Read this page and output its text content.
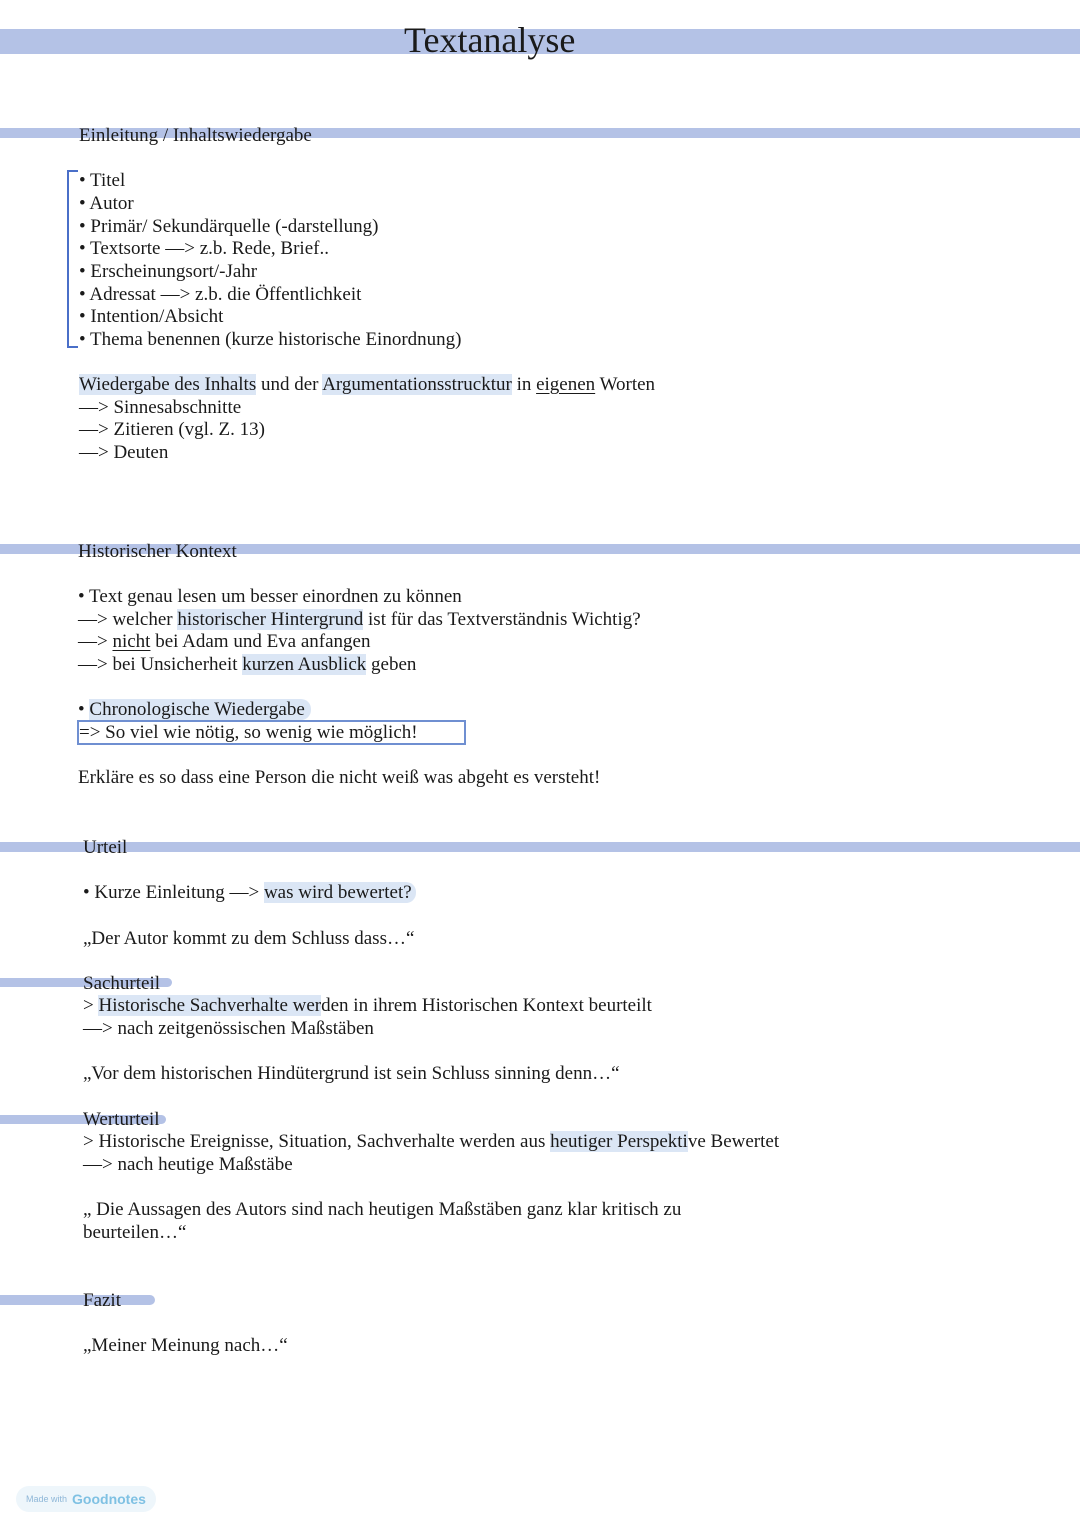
Textanalyse
Einleitung / Inhaltswiedergabe
• Titel
• Autor
• Primär/ Sekundärquelle (-darstellung)
• Textsorte —> z.b. Rede, Brief..
• Erscheinungsort/-Jahr
• Adressat —> z.b. die Öffentlichkeit
• Intention/Absicht
• Thema benennen (kurze historische Einordnung)
Wiedergabe des Inhalts und der Argumentationsstrucktur in eigenen Worten
—> Sinnesabschnitte
—> Zitieren (vgl. Z. 13)
—> Deuten
Historischer Kontext
• Text genau lesen um besser einordnen zu können
—> welcher historischer Hintergrund ist für das Textverständnis Wichtig?
—> nicht bei Adam und Eva anfangen
—> bei Unsicherheit kurzen Ausblick geben
• Chronologische Wiedergabe
=> So viel wie nötig, so wenig wie möglich!
Erkläre es so dass eine Person die nicht weiß was abgeht es versteht!
Urteil
• Kurze Einleitung —> was wird bewertet?
„Der Autor kommt zu dem Schluss dass…“
Sachurteil
> Historische Sachverhalte werden in ihrem Historischen Kontext beurteilt
—> nach zeitgenössischen Maßstäben
„Vor dem historischen Hindütergrund ist sein Schluss sinning denn…“
Werturteil
> Historische Ereignisse, Situation, Sachverhalte werden aus heutiger Perspektive Bewertet
—> nach heutige Maßstäbe
„ Die Aussagen des Autors sind nach heutigen Maßstäben ganz klar kritisch zu
beurteilen…“
Fazit
„Meiner Meinung nach…“
Made with Goodnotes
